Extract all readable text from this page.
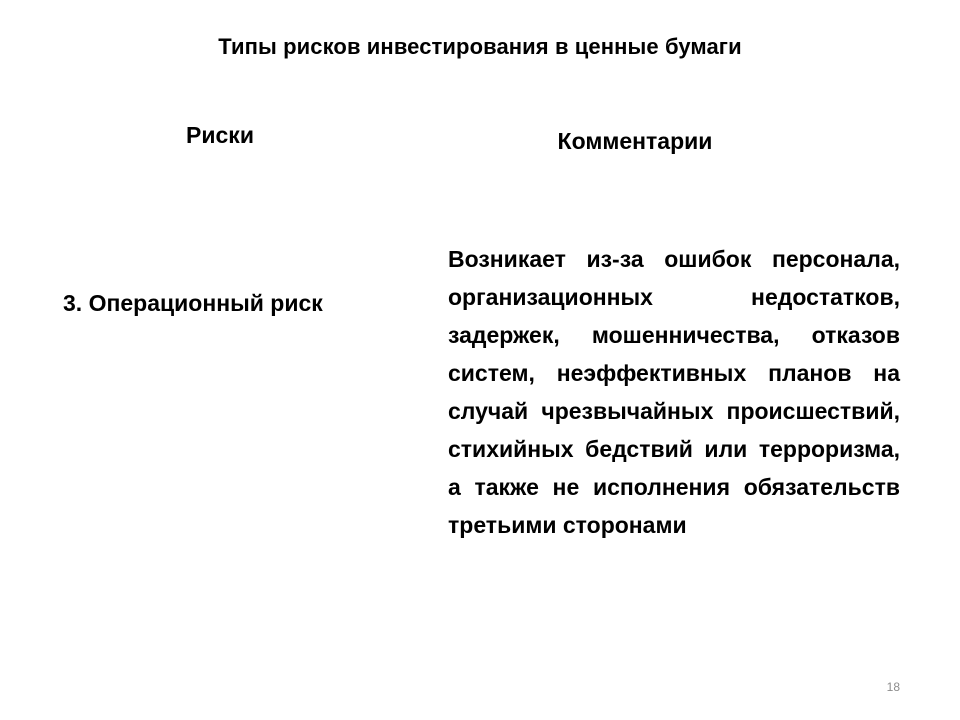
Типы рисков инвестирования в ценные бумаги
Риски	Комментарии
3. Операционный риск
Возникает из-за ошибок персонала, организационных недостатков, задержек, мошенничества, отказов систем, неэффективных планов на случай чрезвычайных происшествий, стихийных бедствий или терроризма, а также не исполнения обязательств третьими сторонами
18
